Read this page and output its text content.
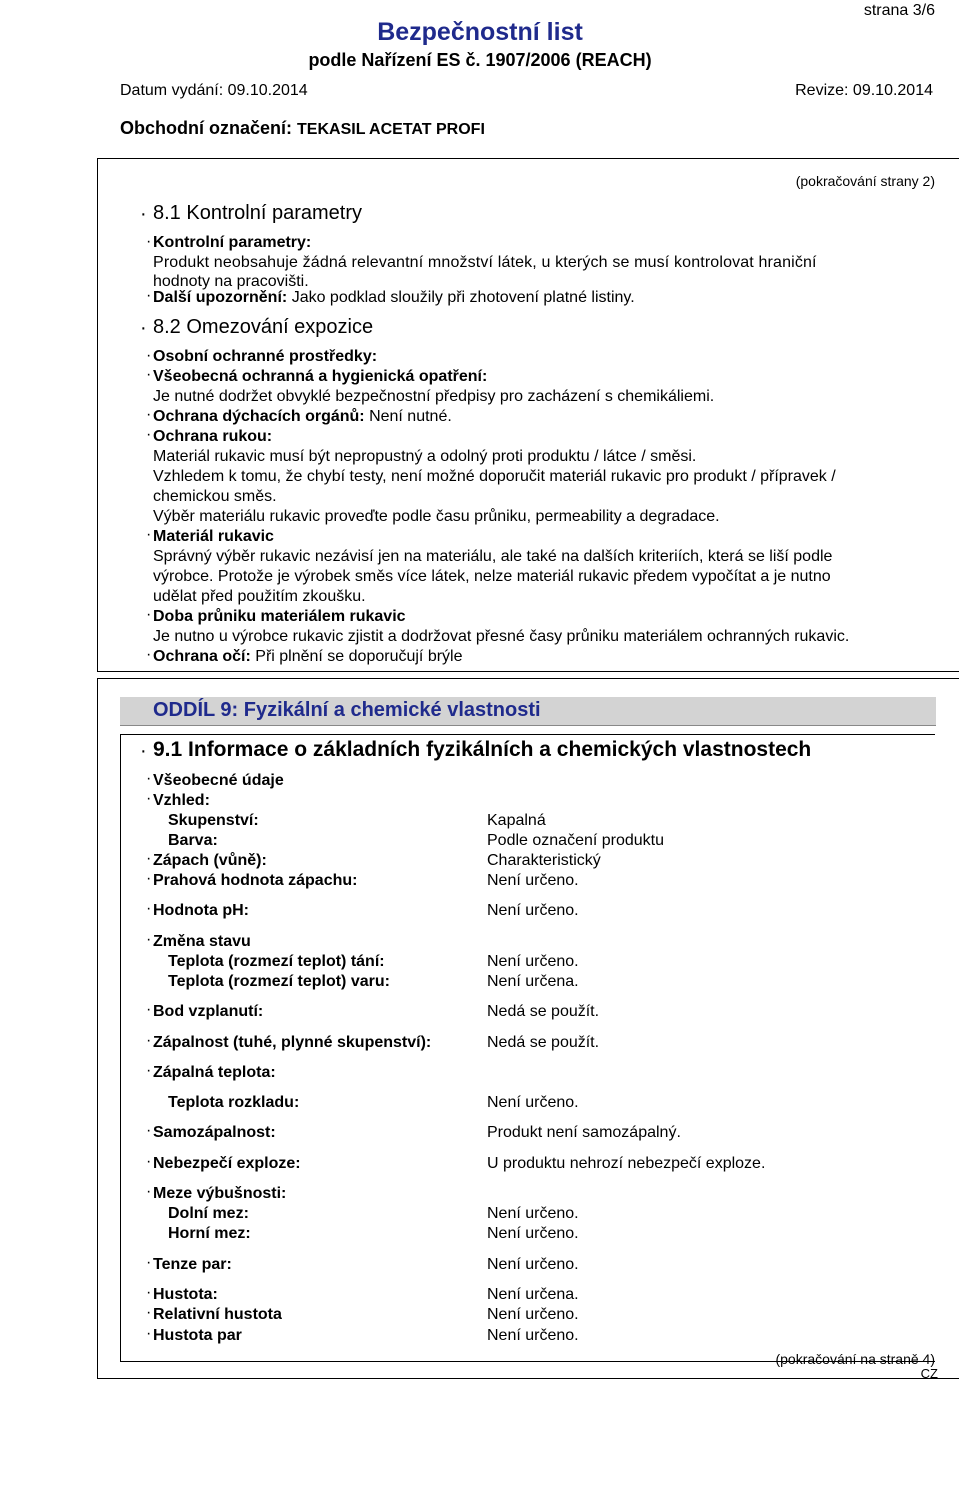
strana 3/6
Bezpečnostní list
podle Nařízení ES č. 1907/2006 (REACH)
Datum vydání: 09.10.2014	Revize: 09.10.2014
Obchodní označení: TEKASIL ACETAT PROFI
(pokračování strany 2)
· 8.1 Kontrolní parametry
· Kontrolní parametry:
Produkt neobsahuje žádná relevantní množství látek, u kterých se musí kontrolovat hraniční
hodnoty na pracovišti.
· Další upozornění: Jako podklad sloužily při zhotovení platné listiny.
· 8.2 Omezování expozice
· Osobní ochranné prostředky:
· Všeobecná ochranná a hygienická opatření:
Je nutné dodržet obvyklé bezpečnostní předpisy pro zacházení s chemikáliemi.
· Ochrana dýchacích orgánů: Není nutné.
· Ochrana rukou:
Materiál rukavic musí být nepropustný a odolný proti produktu / látce / směsi.
Vzhledem k tomu, že chybí testy, není možné doporučit materiál rukavic pro produkt / přípravek /
chemickou směs.
Výběr materiálu rukavic proveďte podle času průniku, permeability a degradace.
· Materiál rukavic
Správný výběr rukavic nezávisí jen na materiálu, ale také na dalších kriteriích, která se liší podle
výrobce. Protože je výrobek směs více látek, nelze materiál rukavic předem vypočítat a je nutno
udělat před použitím zkoušku.
· Doba průniku materiálem rukavic
Je nutno u výrobce rukavic zjistit a dodržovat přesné časy průniku materiálem ochranných rukavic.
· Ochrana očí: Při plnění se doporučují brýle
ODDÍL 9: Fyzikální a chemické vlastnosti
· 9.1 Informace o základních fyzikálních a chemických vlastnostech
· Všeobecné údaje
· Vzhled:
Skupenství:	Kapalná
Barva:	Podle označení produktu
· Zápach (vůně):	Charakteristický
· Prahová hodnota zápachu:	Není určeno.
· Hodnota pH:	Není určeno.
· Změna stavu
Teplota (rozmezí teplot) tání:	Není určeno.
Teplota (rozmezí teplot) varu:	Není určena.
· Bod vzplanutí:	Nedá se použít.
· Zápalnost (tuhé, plynné skupenství):	Nedá se použít.
· Zápalná teplota:
Teplota rozkladu:	Není určeno.
· Samozápalnost:	Produkt není samozápalný.
· Nebezpečí exploze:	U produktu nehrozí nebezpečí exploze.
· Meze výbušnosti:
Dolní mez:	Není určeno.
Horní mez:	Není určeno.
· Tenze par:	Není určeno.
· Hustota:	Není určena.
· Relativní hustota	Není určeno.
· Hustota par	Není určeno.
(pokračování na straně 4)
CZ
